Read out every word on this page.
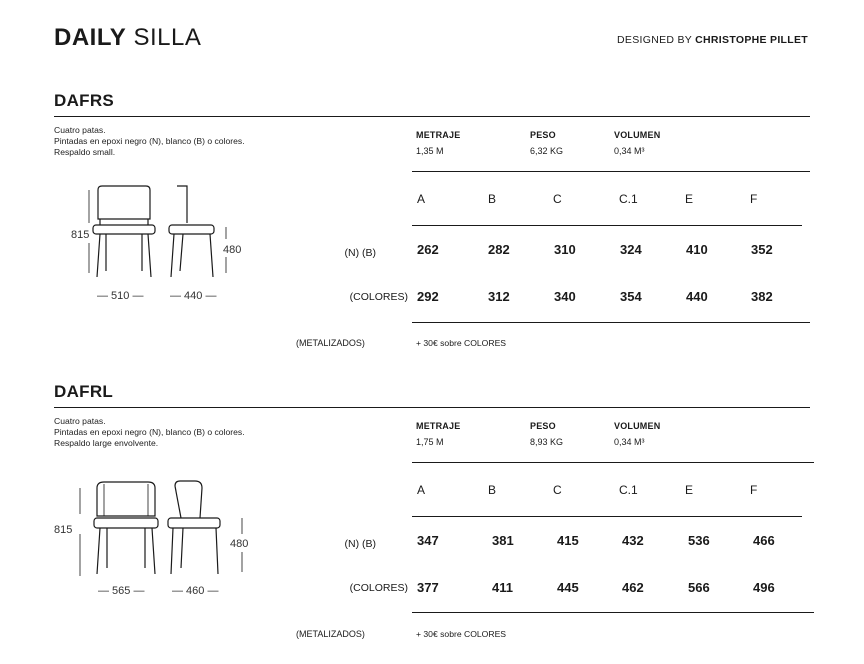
DAILY SILLA	DESIGNED BY CHRISTOPHE PILLET
DAFRS
Cuatro patas.
Pintadas en epoxi negro (N), blanco (B) o colores.
Respaldo small.
METRAJE
1,35 M
PESO
6,32 KG
VOLUMEN
0,34 M³
A	B	C	C.1	E	F
(N) (B)	262	282	310	324	410	352
(COLORES) 292	312	340	354	440	382
(METALIZADOS)	+ 30€ sobre COLORES
815
480
— 510 — — 440 —
DAFRL
Cuatro patas.
Pintadas en epoxi negro (N), blanco (B) o colores.
Respaldo large envolvente.
METRAJE
1,75 M
PESO
8,93 KG
VOLUMEN
0,34 M³
A	B	C	C.1	E	F
(N) (B)	347	381	415	432	536	466
(COLORES) 377	411	445	462	566	496
(METALIZADOS)	+ 30€ sobre COLORES
815
480
— 565 —	— 460 —
